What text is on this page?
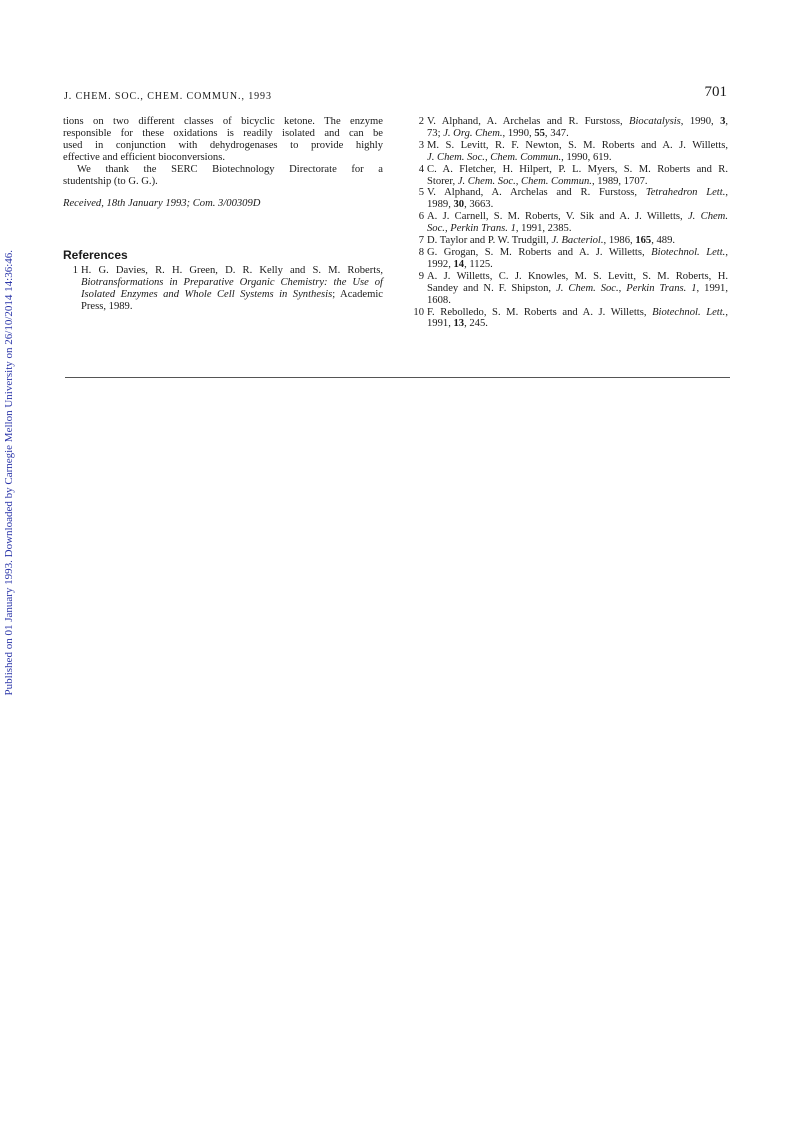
Published on 01 January 1993. Downloaded by Carnegie Mellon University on 26/10/2014 14:36:46.
J. CHEM. SOC., CHEM. COMMUN., 1993	701

tions on two different classes of bicyclic ketone. The enzyme

responsible for these oxidations is readily isolated and can be

used in conjunction with dehydrogenases to provide highly

effective and efficient bioconversions.

We thank the SERC Biotechnology Directorate for a

studentship (to G. G.).

Received, 18th January 1993; Com. 3/00309D

References
1 H. G. Davies, R. H. Green, D. R. Kelly and S. M. Roberts,
Biotransformations in Preparative Organic Chemistry: the Use of
Isolated Enzymes and Whole Cell Systems in Synthesis; Academic
Press, 1989.
2 V. Alphand, A. Archelas and R. Furstoss, Biocatalysis, 1990, 3,
73; J. Org. Chem., 1990, 55, 347.
3 M. S. Levitt, R. F. Newton, S. M. Roberts and A. J. Willetts,
J. Chem. Soc., Chem. Commun., 1990, 619.
4 C. A. Fletcher, H. Hilpert, P. L. Myers, S. M. Roberts and R.
Storer, J. Chem. Soc., Chem. Commun., 1989, 1707.
5 V. Alphand, A. Archelas and R. Furstoss, Tetrahedron Lett.,
1989, 30, 3663.
6 A. J. Carnell, S. M. Roberts, V. Sik and A. J. Willetts, J. Chem.
Soc., Perkin Trans. 1, 1991, 2385.
7 D. Taylor and P. W. Trudgill, J. Bacteriol., 1986, 165, 489.
8 G. Grogan, S. M. Roberts and A. J. Willetts, Biotechnol. Lett.,
1992, 14, 1125.
9 A. J. Willetts, C. J. Knowles, M. S. Levitt, S. M. Roberts, H.
Sandey and N. F. Shipston, J. Chem. Soc., Perkin Trans. 1, 1991,
1608.
10 F. Rebolledo, S. M. Roberts and A. J. Willetts, Biotechnol. Lett.,
1991, 13, 245.
